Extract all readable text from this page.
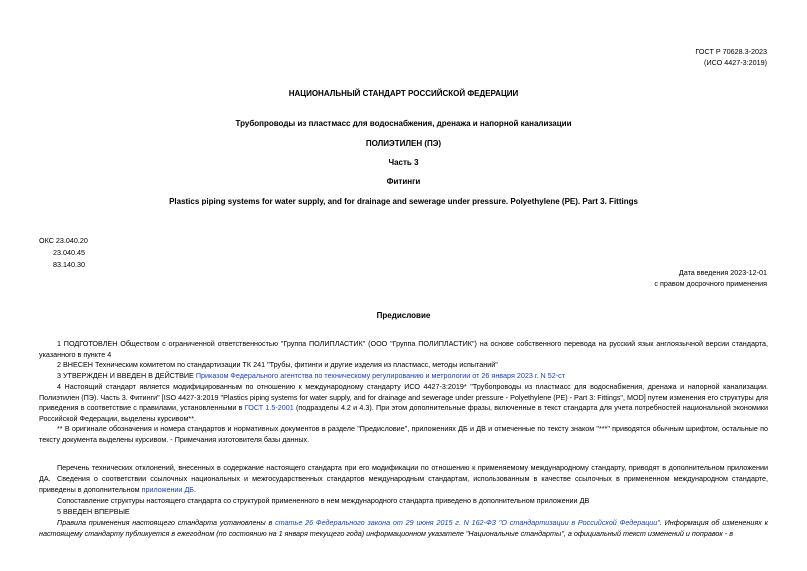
ГОСТ Р 70628.3-2023
(ИСО 4427-3:2019)
НАЦИОНАЛЬНЫЙ СТАНДАРТ РОССИЙСКОЙ ФЕДЕРАЦИИ
Трубопроводы из пластмасс для водоснабжения, дренажа и напорной канализации
ПОЛИЭТИЛЕН (ПЭ)
Часть 3
Фитинги
Plastics piping systems for water supply, and for drainage and sewerage under pressure. Polyethylene (PE). Part 3. Fittings
ОКС 23.040.20
23.040.45
83.140.30
Дата введения 2023-12-01
с правом досрочного применения
Предисловие
1 ПОДГОТОВЛЕН Обществом с ограниченной ответственностью "Группа ПОЛИПЛАСТИК" (ООО "Группа ПОЛИПЛАСТИК") на основе собственного перевода на русский язык англоязычной версии стандарта, указанного в пункте 4
2 ВНЕСЕН Техническим комитетом по стандартизации ТК 241 "Трубы, фитинги и другие изделия из пластмасс, методы испытаний"
3 УТВЕРЖДЕН И ВВЕДЕН В ДЕЙСТВИЕ Приказом Федерального агентства по техническому регулированию и метрологии от 26 января 2023 г. N 52-ст
4 Настоящий стандарт является модифицированным по отношению к международному стандарту ИСО 4427-3:2019* "Трубопроводы из пластмасс для водоснабжения, дренажа и напорной канализации. Полиэтилен (ПЭ). Часть 3. Фитинги" [ISO 4427-3:2019 "Plastics piping systems for water supply, and for drainage and sewerage under pressure - Polyethylene (PE) - Part 3: Fittings", MOD] путем изменения его структуры для приведения в соответствие с правилами, установленными в ГОСТ 1.5-2001 (подразделы 4.2 и 4.3). При этом дополнительные фразы, включенные в текст стандарта для учета потребностей национальной экономики Российской Федерации, выделены курсивом**.
** В оригинале обозначения и номера стандартов и нормативных документов в разделе "Предисловие", приложениях ДБ и ДВ и отмеченные по тексту знаком "***" приводятся обычным шрифтом, остальные по тексту документа выделены курсивом. - Примечания изготовителя базы данных.
Перечень технических отклонений, внесенных в содержание настоящего стандарта при его модификации по отношению к применяемому международному стандарту, приводят в дополнительном приложении ДА. Сведения о соответствии ссылочных национальных и межгосударственных стандартов международным стандартам, использованным в качестве ссылочных в примененном международном стандарте, приведены в дополнительном приложении ДБ.
Сопоставление структуры настоящего стандарта со структурой примененного в нем международного стандарта приведено в дополнительном приложении ДВ
5 ВВЕДЕН ВПЕРВЫЕ
Правила применения настоящего стандарта установлены в статье 26 Федерального закона от 29 июня 2015 г. N 162-ФЗ "О стандартизации в Российской Федерации". Информация об изменениях к настоящему стандарту публикуется в ежегодном (по состоянию на 1 января текущего года) информационном указателе "Национальные стандарты", а официальный текст изменений и поправок - в
